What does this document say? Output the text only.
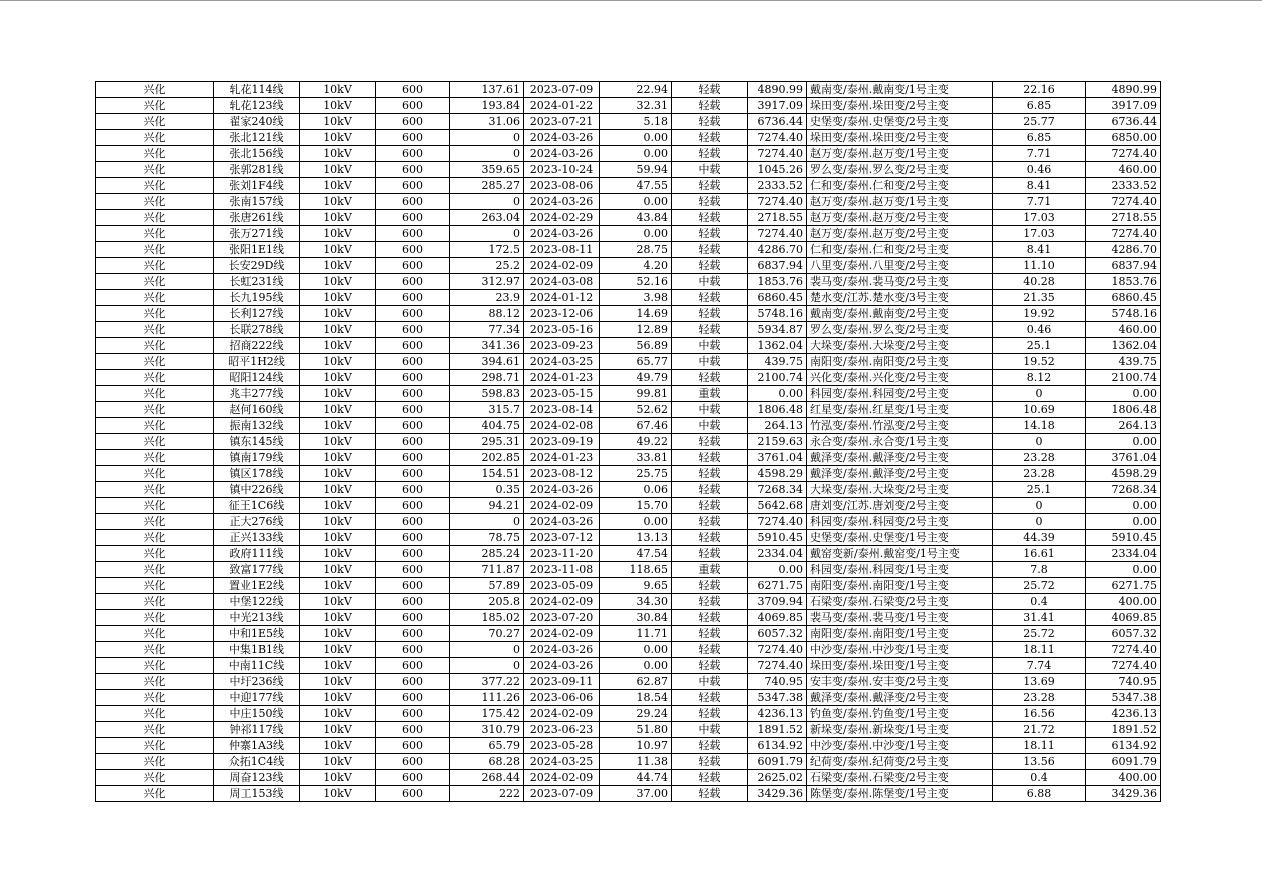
兴化	轧花114线	10kV	600	137.61	2023-07-09	22.94	轻载	4890.99	戴南变/泰州.戴南变/1号主变	22.16	4890.99
兴化	轧花123线	10kV	600	193.84	2024-01-22	32.31	轻载	3917.09	垛田变/泰州.垛田变/2号主变	6.85	3917.09
兴化	翟家240线	10kV	600	31.06	2023-07-21	5.18	轻载	6736.44	史堡变/泰州.史堡变/2号主变	25.77	6736.44
兴化	张北121线	10kV	600	0	2024-03-26	0.00	轻载	7274.40	垛田变/泰州.垛田变/2号主变	6.85	6850.00
兴化	张北156线	10kV	600	0	2024-03-26	0.00	轻载	7274.40	赵万变/泰州.赵万变/1号主变	7.71	7274.40
兴化	张郭281线	10kV	600	359.65	2023-10-24	59.94	中载	1045.26	罗么变/泰州.罗么变/2号主变	0.46	460.00
兴化	张刘1F4线	10kV	600	285.27	2023-08-06	47.55	轻载	2333.52	仁和变/泰州.仁和变/2号主变	8.41	2333.52
兴化	张南157线	10kV	600	0	2024-03-26	0.00	轻载	7274.40	赵万变/泰州.赵万变/1号主变	7.71	7274.40
兴化	张唐261线	10kV	600	263.04	2024-02-29	43.84	轻载	2718.55	赵万变/泰州.赵万变/2号主变	17.03	2718.55
兴化	张万271线	10kV	600	0	2024-03-26	0.00	轻载	7274.40	赵万变/泰州.赵万变/2号主变	17.03	7274.40
兴化	张阳1E1线	10kV	600	172.5	2023-08-11	28.75	轻载	4286.70	仁和变/泰州.仁和变/2号主变	8.41	4286.70
兴化	长安29D线	10kV	600	25.2	2024-02-09	4.20	轻载	6837.94	八里变/泰州.八里变/2号主变	11.10	6837.94
兴化	长虹231线	10kV	600	312.97	2024-03-08	52.16	中载	1853.76	裴马变/泰州.裴马变/2号主变	40.28	1853.76
兴化	长九195线	10kV	600	23.9	2024-01-12	3.98	轻载	6860.45	楚水变/江苏.楚水变/3号主变	21.35	6860.45
兴化	长利127线	10kV	600	88.12	2023-12-06	14.69	轻载	5748.16	戴南变/泰州.戴南变/2号主变	19.92	5748.16
兴化	长联278线	10kV	600	77.34	2023-05-16	12.89	轻载	5934.87	罗么变/泰州.罗么变/2号主变	0.46	460.00
兴化	招商222线	10kV	600	341.36	2023-09-23	56.89	中载	1362.04	大垛变/泰州.大垛变/2号主变	25.1	1362.04
兴化	昭平1H2线	10kV	600	394.61	2024-03-25	65.77	中载	439.75	南阳变/泰州.南阳变/2号主变	19.52	439.75
兴化	昭阳124线	10kV	600	298.71	2024-01-23	49.79	轻载	2100.74	兴化变/泰州.兴化变/2号主变	8.12	2100.74
兴化	兆丰277线	10kV	600	598.83	2023-05-15	99.81	重载	0.00	科园变/泰州.科园变/2号主变	0	0.00
兴化	赵何160线	10kV	600	315.7	2023-08-14	52.62	中载	1806.48	红星变/泰州.红星变/1号主变	10.69	1806.48
兴化	振南132线	10kV	600	404.75	2024-02-08	67.46	中载	264.13	竹泓变/泰州.竹泓变/2号主变	14.18	264.13
兴化	镇东145线	10kV	600	295.31	2023-09-19	49.22	轻载	2159.63	永合变/泰州.永合变/1号主变	0	0.00
兴化	镇南179线	10kV	600	202.85	2024-01-23	33.81	轻载	3761.04	戴泽变/泰州.戴泽变/2号主变	23.28	3761.04
兴化	镇区178线	10kV	600	154.51	2023-08-12	25.75	轻载	4598.29	戴泽变/泰州.戴泽变/2号主变	23.28	4598.29
兴化	镇中226线	10kV	600	0.35	2024-03-26	0.06	轻载	7268.34	大垛变/泰州.大垛变/2号主变	25.1	7268.34
兴化	征王1C6线	10kV	600	94.21	2024-02-09	15.70	轻载	5642.68	唐刘变/江苏.唐刘变/2号主变	0	0.00
兴化	正大276线	10kV	600	0	2024-03-26	0.00	轻载	7274.40	科园变/泰州.科园变/2号主变	0	0.00
兴化	正兴133线	10kV	600	78.75	2023-07-12	13.13	轻载	5910.45	史堡变/泰州.史堡变/1号主变	44.39	5910.45
兴化	政府111线	10kV	600	285.24	2023-11-20	47.54	轻载	2334.04	戴窑变新/泰州.戴窑变/1号主变	16.61	2334.04
兴化	致富177线	10kV	600	711.87	2023-11-08	118.65	重载	0.00	科园变/泰州.科园变/1号主变	7.8	0.00
兴化	置业1E2线	10kV	600	57.89	2023-05-09	9.65	轻载	6271.75	南阳变/泰州.南阳变/1号主变	25.72	6271.75
兴化	中堡122线	10kV	600	205.8	2024-02-09	34.30	轻载	3709.94	石梁变/泰州.石梁变/2号主变	0.4	400.00
兴化	中光213线	10kV	600	185.02	2023-07-20	30.84	轻载	4069.85	裴马变/泰州.裴马变/1号主变	31.41	4069.85
兴化	中和1E5线	10kV	600	70.27	2024-02-09	11.71	轻载	6057.32	南阳变/泰州.南阳变/1号主变	25.72	6057.32
兴化	中集1B1线	10kV	600	0	2024-03-26	0.00	轻载	7274.40	中沙变/泰州.中沙变/1号主变	18.11	7274.40
兴化	中南11C线	10kV	600	0	2024-03-26	0.00	轻载	7274.40	垛田变/泰州.垛田变/1号主变	7.74	7274.40
兴化	中圩236线	10kV	600	377.22	2023-09-11	62.87	中载	740.95	安丰变/泰州.安丰变/2号主变	13.69	740.95
兴化	中迎177线	10kV	600	111.26	2023-06-06	18.54	轻载	5347.38	戴泽变/泰州.戴泽变/2号主变	23.28	5347.38
兴化	中庄150线	10kV	600	175.42	2024-02-09	29.24	轻载	4236.13	钓鱼变/泰州.钓鱼变/1号主变	16.56	4236.13
兴化	钟祁117线	10kV	600	310.79	2023-06-23	51.80	中载	1891.52	新垛变/泰州.新垛变/1号主变	21.72	1891.52
兴化	仲寨1A3线	10kV	600	65.79	2023-05-28	10.97	轻载	6134.92	中沙变/泰州.中沙变/1号主变	18.11	6134.92
兴化	众拓1C4线	10kV	600	68.28	2024-03-25	11.38	轻载	6091.79	纪荷变/泰州.纪荷变/2号主变	13.56	6091.79
兴化	周奋123线	10kV	600	268.44	2024-02-09	44.74	轻载	2625.02	石梁变/泰州.石梁变/2号主变	0.4	400.00
兴化	周工153线	10kV	600	222	2023-07-09	37.00	轻载	3429.36	陈堡变/泰州.陈堡变/1号主变	6.88	3429.36
